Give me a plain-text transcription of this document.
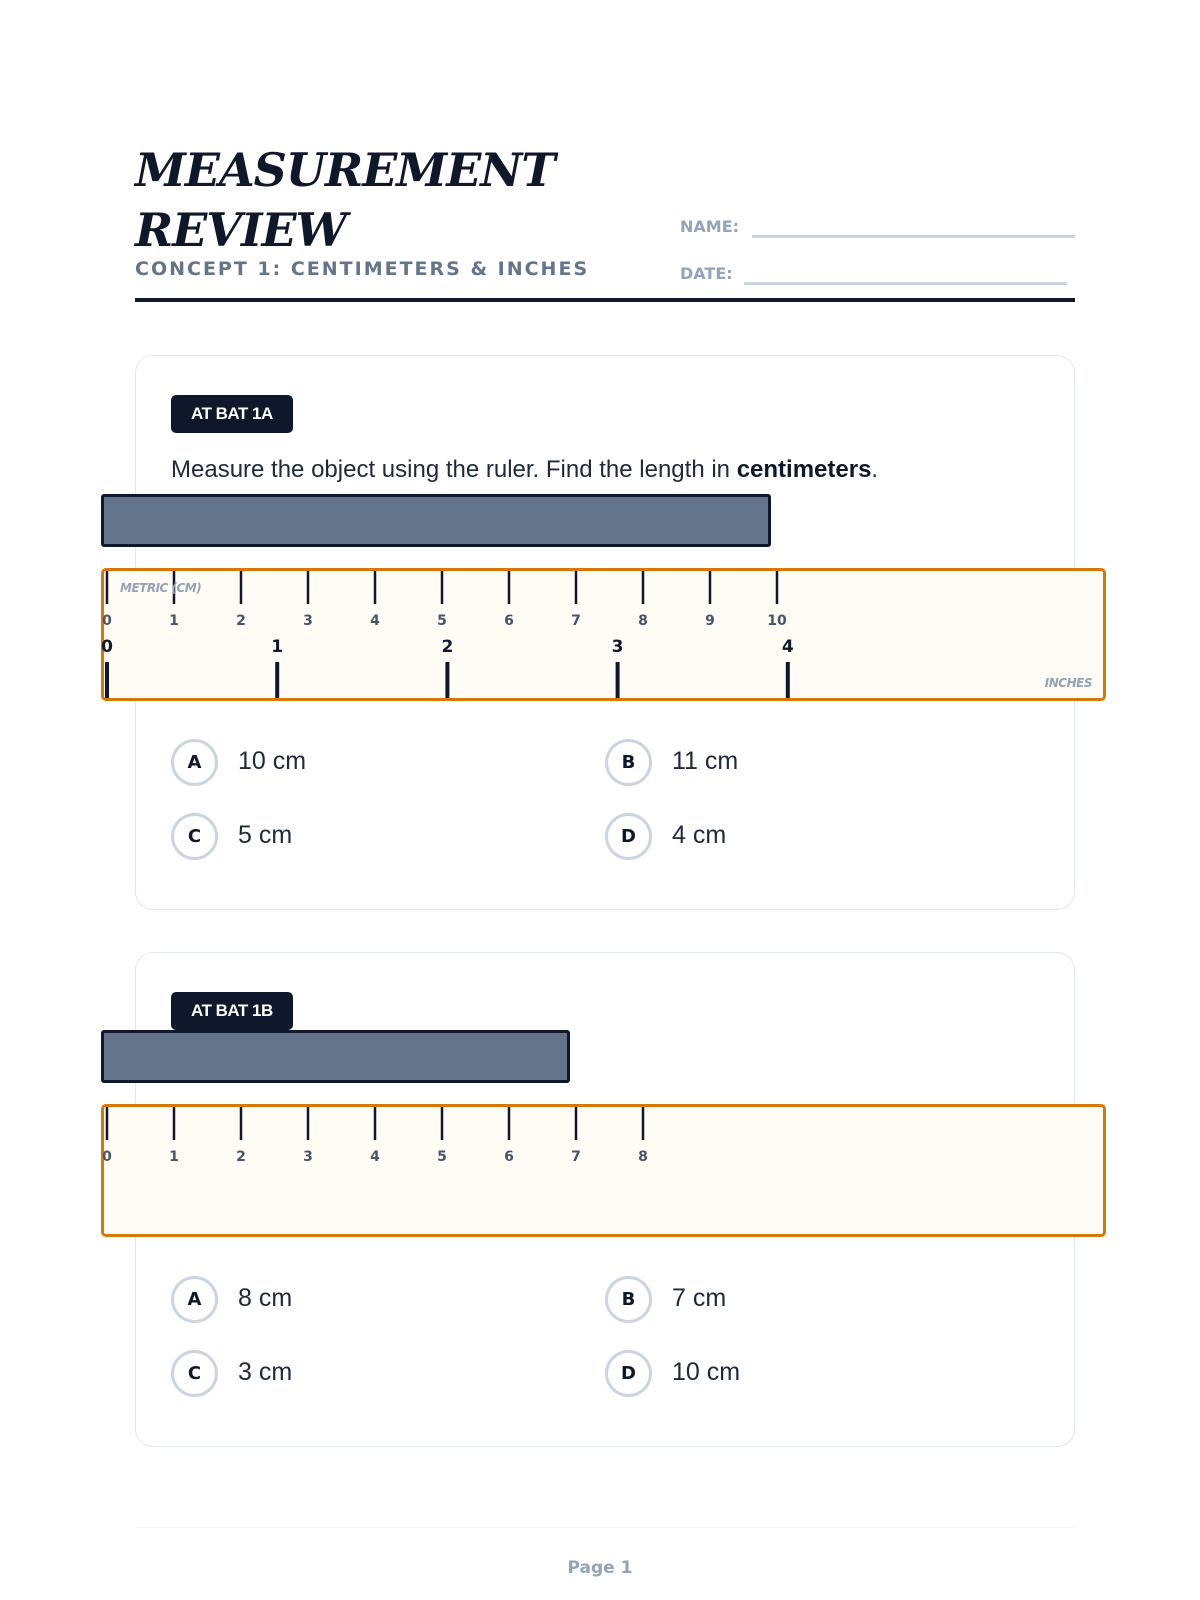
MEASUREMENT
REVIEW
CONCEPT 1: CENTIMETERS & INCHES
NAME:
DATE:
AT BAT 1A
Measure the object using the ruler. Find the length in centimeters.
A	10 cm	B	11 cm
C	5 cm	D	4 cm
0	1	2	3	4	5	6	7	8	9	10
METRIC (CM)
0	1	2	3	4
INCHES
AT BAT 1B
A	8 cm	B	7 cm
C	3 cm	D	10 cm
0	1	2	3	4	5	6	7	8
Page 1
